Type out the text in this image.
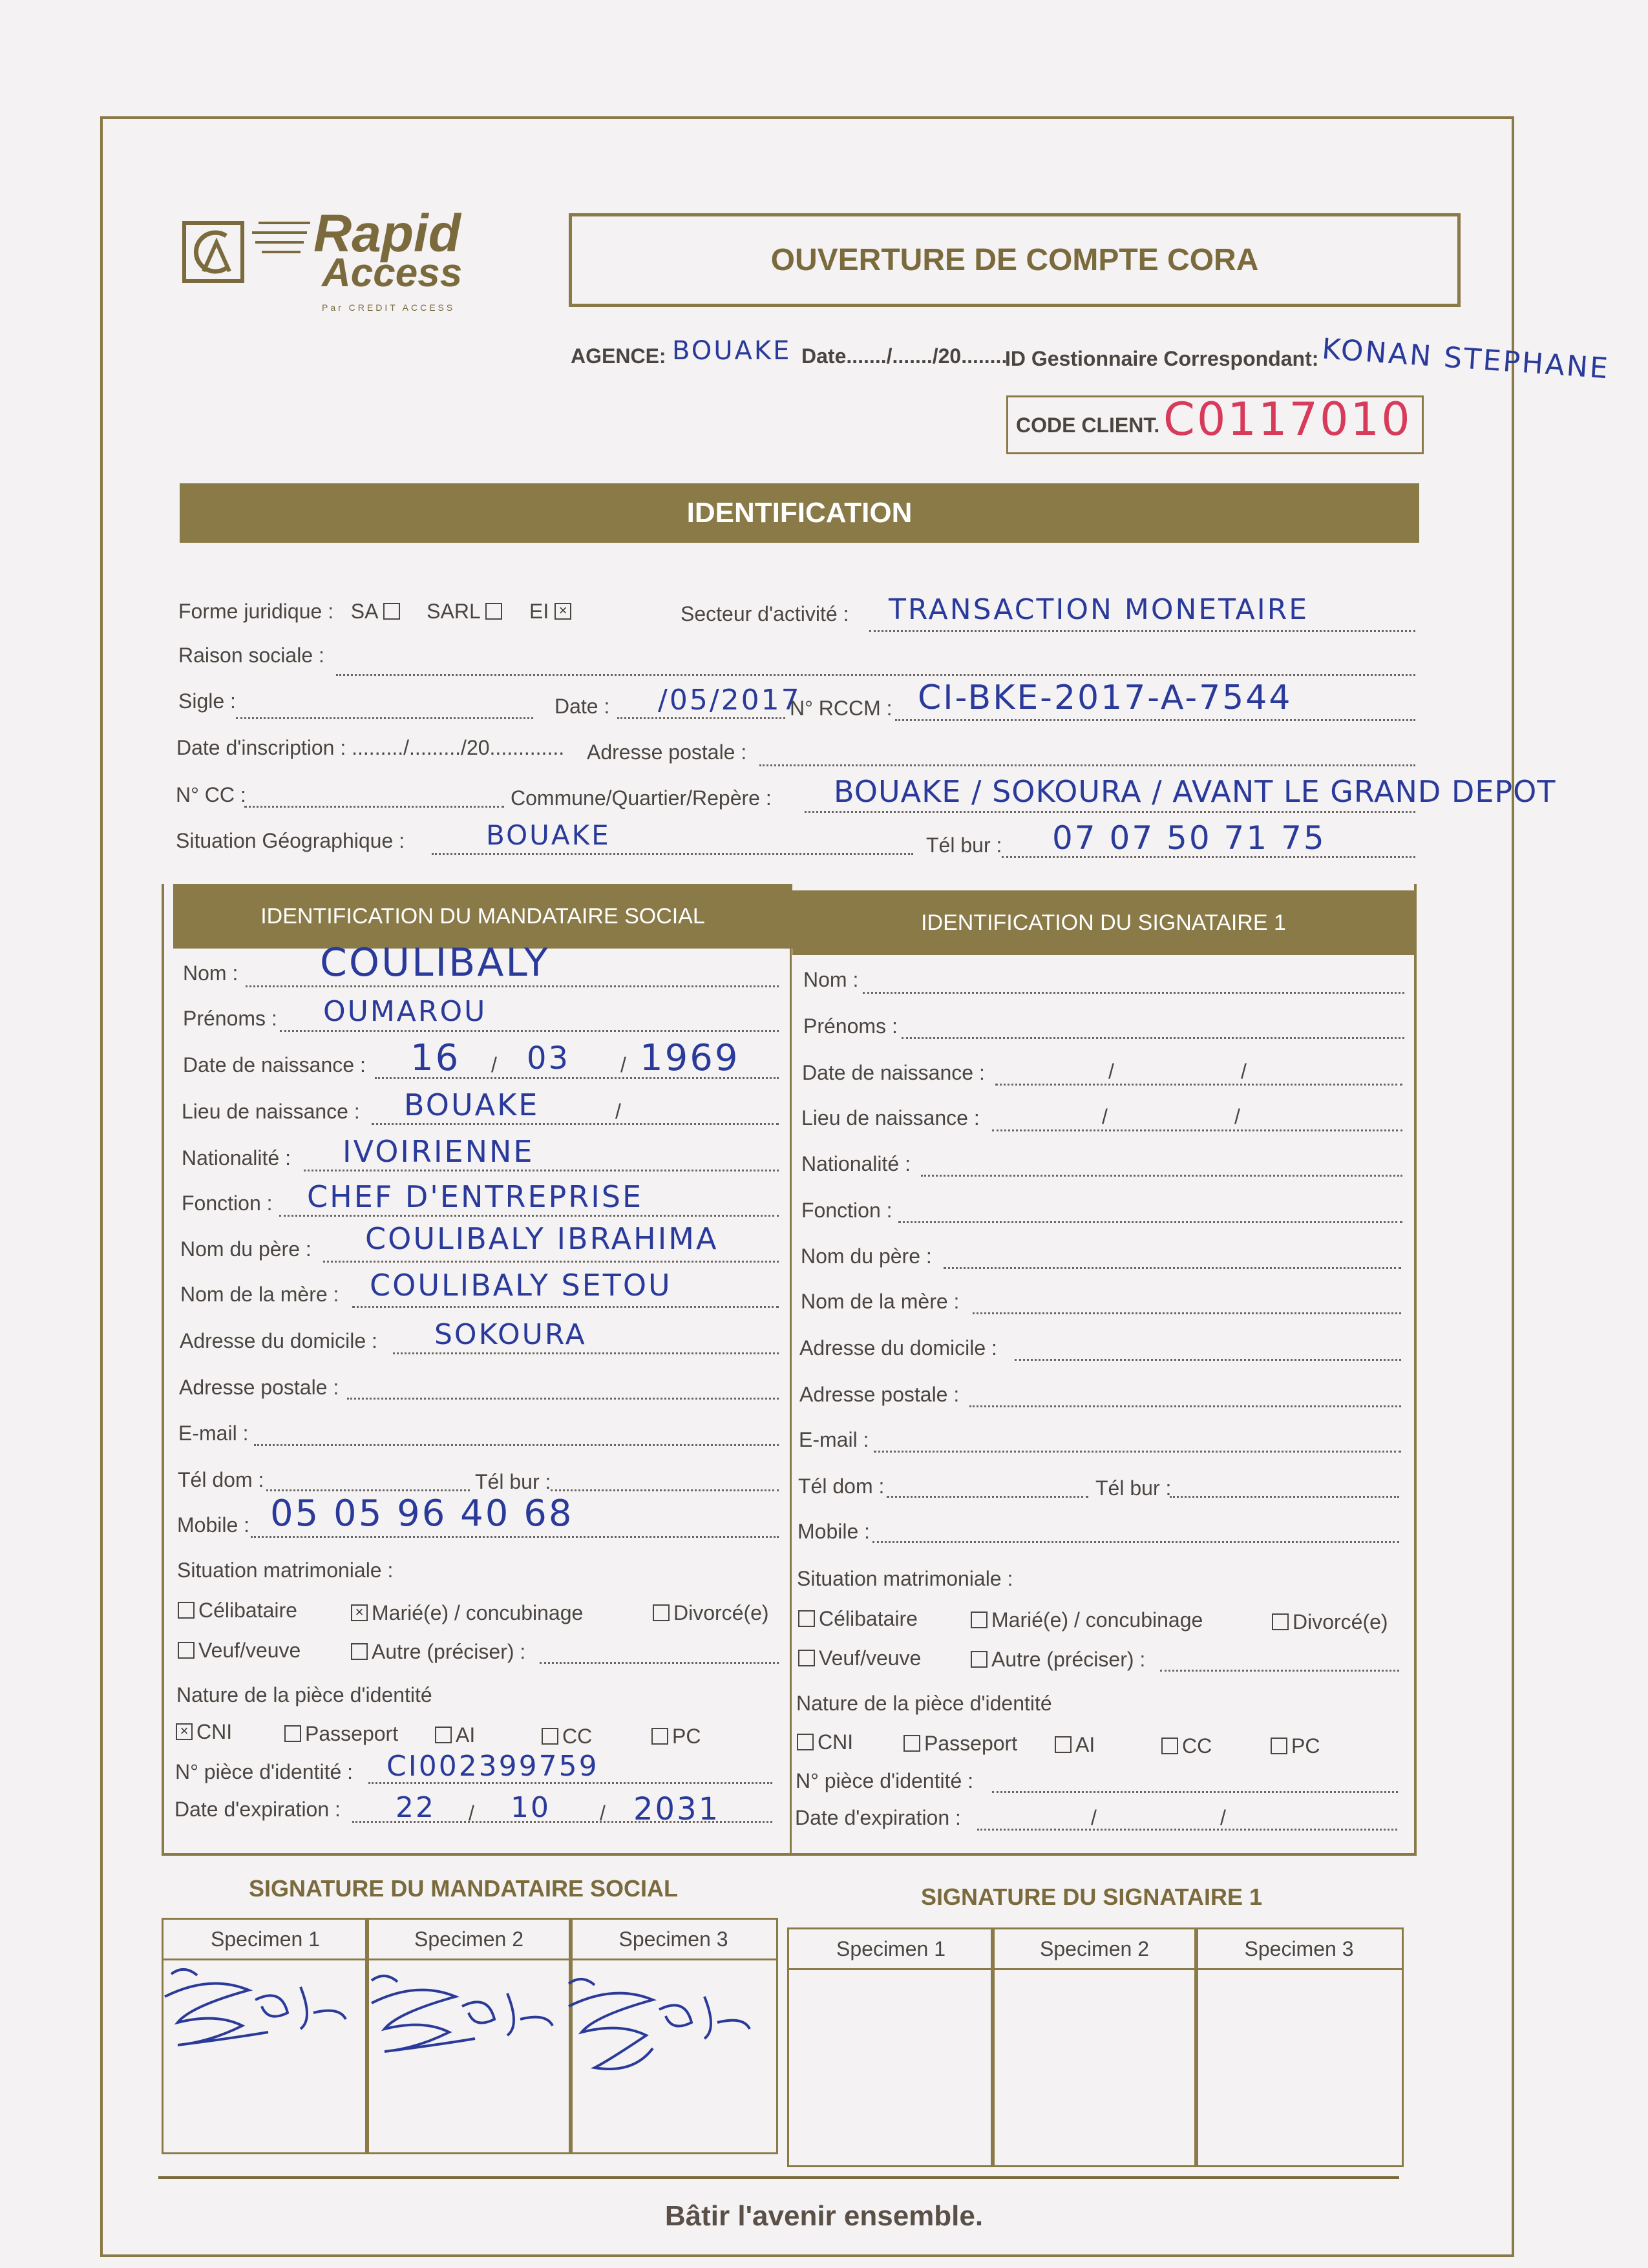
Rapid
Access
Par CREDIT ACCESS
OUVERTURE DE COMPTE CORA
AGENCE: BOUAKE Date......./......./20........
ID Gestionnaire Correspondant: KONAN STEPHANE
CODE CLIENT. C0117010
IDENTIFICATION
Forme juridique : SA SARL EI ×	Secteur d'activité : TRANSACTION MONETAIRE
Raison sociale :
Sigle :	Date : /05/2017
N° RCCM : CI-BKE-2017-A-7544
Date d'inscription : ........./........./20............. Adresse postale :
N° CC :	Commune/Quartier/Repère : BOUAKE / SOKOURA / AVANT LE GRAND DEPOT
Situation Géographique :	BOUAKE	Tél bur : 07 07 50 71 75
IDENTIFICATION DU MANDATAIRE SOCIAL	IDENTIFICATION DU SIGNATAIRE 1
Nom : COULIBALY
Prénoms : OUMAROU
Date de naissance : 16 / 03 / 1969
Lieu de naissance : BOUAKE	/
Nationalité : IVOIRIENNE
Fonction : CHEF D'ENTREPRISE
Nom du père : COULIBALY IBRAHIMA
Nom de la mère : COULIBALY SETOU
Adresse du domicile : SOKOURA
Adresse postale :
E-mail :
Tél dom :	Tél bur :
Mobile : 05 05 96 40 68
Situation matrimoniale :
Célibataire	× Marié(e) / concubinage	Divorcé(e)
Veuf/veuve	Autre (préciser) :
Nature de la pièce d'identité
× CNI	Passeport	AI	CC	PC
N° pièce d'identité : CI002399759
Date d'expiration : 22 / 10 / 2031
Nom :
Prénoms :
Date de naissance :	/	/
Lieu de naissance :	/	/
Nationalité :
Fonction :
Nom du père :
Nom de la mère :
Adresse du domicile :
Adresse postale :
E-mail :
Tél dom :	Tél bur :
Mobile :
Situation matrimoniale :
Célibataire	Marié(e) / concubinage	Divorcé(e)
Veuf/veuve	Autre (préciser) :
Nature de la pièce d'identité
CNI	Passeport	AI	CC	PC
N° pièce d'identité :
Date d'expiration :	/	/
SIGNATURE DU MANDATAIRE SOCIAL	SIGNATURE DU SIGNATAIRE 1
Specimen 1	Specimen 2	Specimen 3	Specimen 1	Specimen 2	Specimen 3
Bâtir l'avenir ensemble.
